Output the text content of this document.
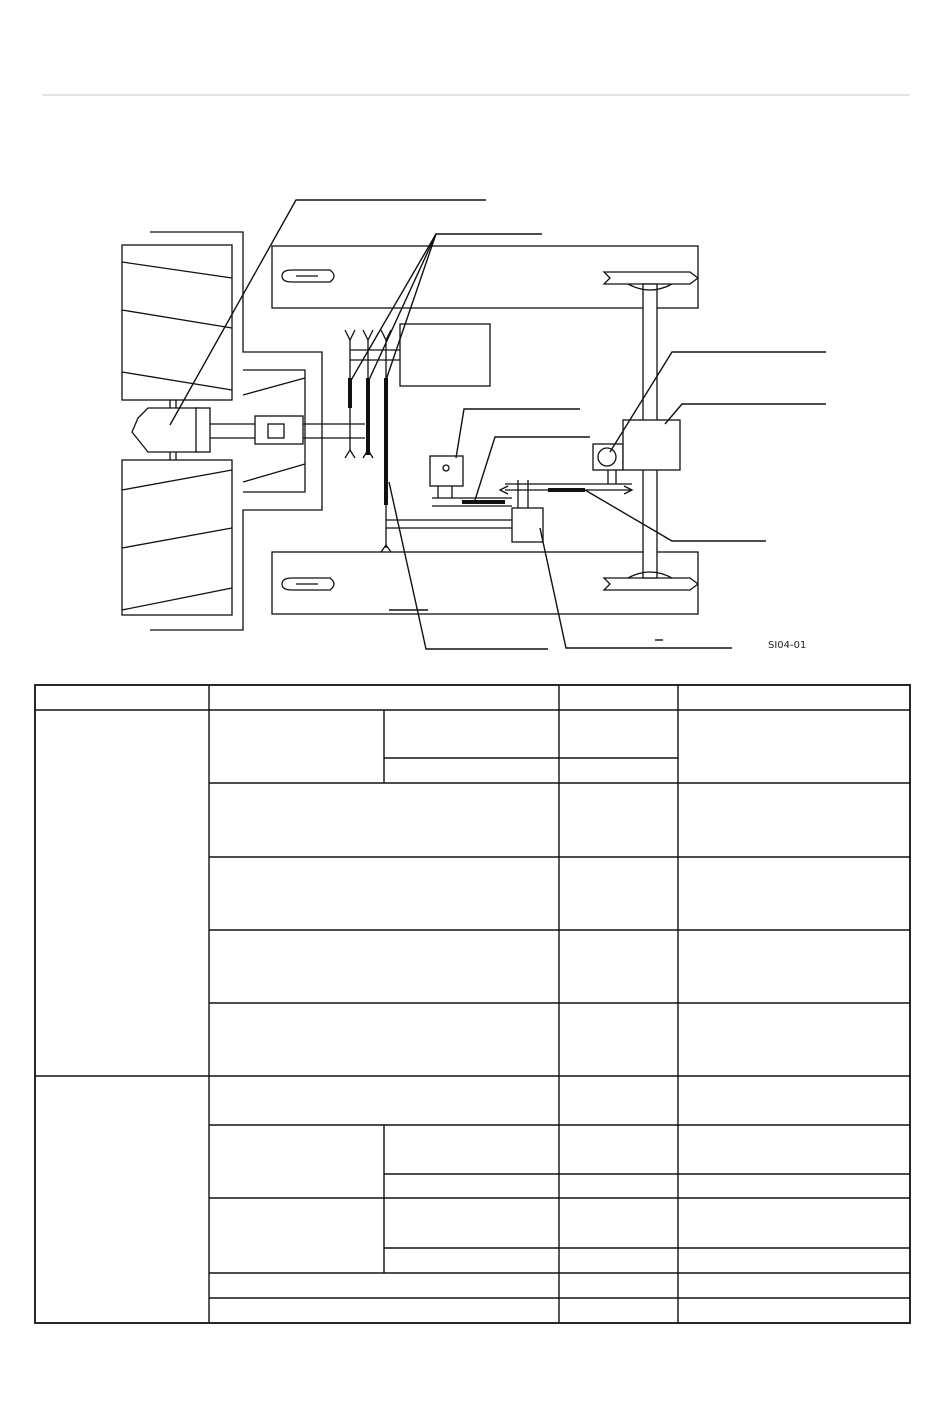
SI04-01
